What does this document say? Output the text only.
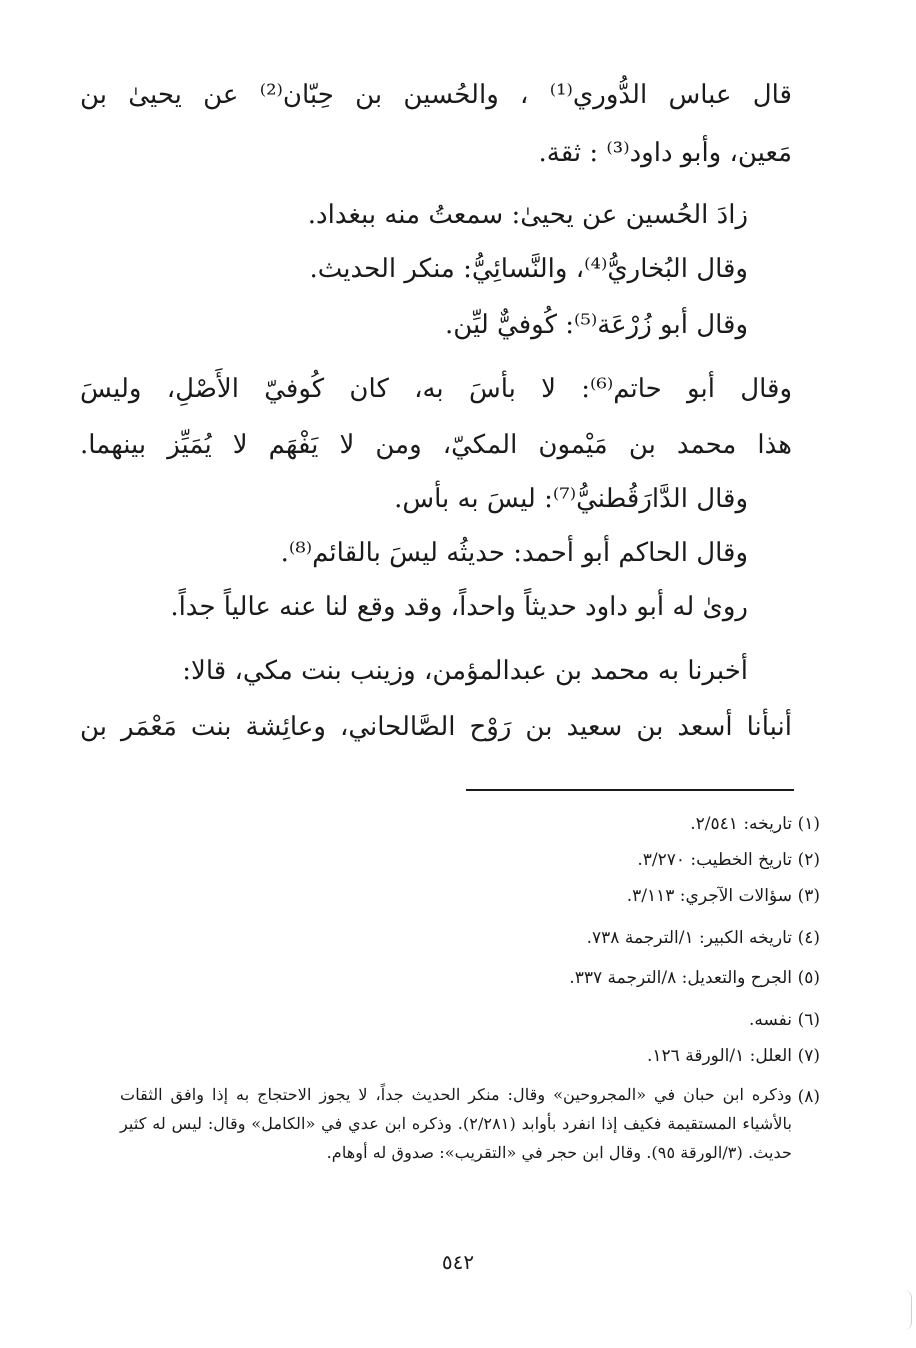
قال عباس الدُّوري⁽¹⁾ ، والحُسين بن حِبّان⁽²⁾ عن يحيىٰ بن
مَعين، وأبو داود⁽³⁾ : ثقة.
زادَ الحُسين عن يحيىٰ: سمعتُ منه ببغداد.
وقال البُخاريُّ⁽⁴⁾، والنَّسائِيُّ: منكر الحديث.
وقال أبو زُرْعَة⁽⁵⁾: كُوفيٌّ ليِّن.
وقال أبو حاتم⁽⁶⁾: لا بأسَ به، كان كُوفيّ الأَصْلِ، وليسَ
هذا محمد بن مَيْمون المكيّ، ومن لا يَفْهَم لا يُمَيِّز بينهما.
وقال الدَّارَقُطنيُّ⁽⁷⁾: ليسَ به بأس.
وقال الحاكم أبو أحمد: حديثُه ليسَ بالقائم⁽⁸⁾.
روىٰ له أبو داود حديثاً واحداً، وقد وقع لنا عنه عالياً جداً.
أخبرنا به محمد بن عبدالمؤمن، وزينب بنت مكي، قالا:
أنبأنا أسعد بن سعيد بن رَوْح الصَّالحاني، وعائِشة بنت مَعْمَر بن
(١)
تاريخه: ٢/٥٤١.
(٢)
تاريخ الخطيب: ٣/٢٧٠.
(٣)
سؤالات الآجري: ٣/١١٣.
(٤)
تاريخه الكبير: ١/الترجمة ٧٣٨.
(٥)
الجرح والتعديل: ٨/الترجمة ٣٣٧.
(٦)
نفسه.
(٧)
العلل: ١/الورقة ١٢٦.
(٨)
وذكره ابن حبان في «المجروحين» وقال: منكر الحديث جداً، لا يجوز الاحتجاج به إذا وافق الثقات بالأشياء المستقيمة فكيف إذا انفرد بأوابد (٢/٢٨١). وذكره ابن عدي في «الكامل» وقال: ليس له كثير حديث. (٣/الورقة ٩٥). وقال ابن حجر في «التقريب»: صدوق له أوهام.
٥٤٢
